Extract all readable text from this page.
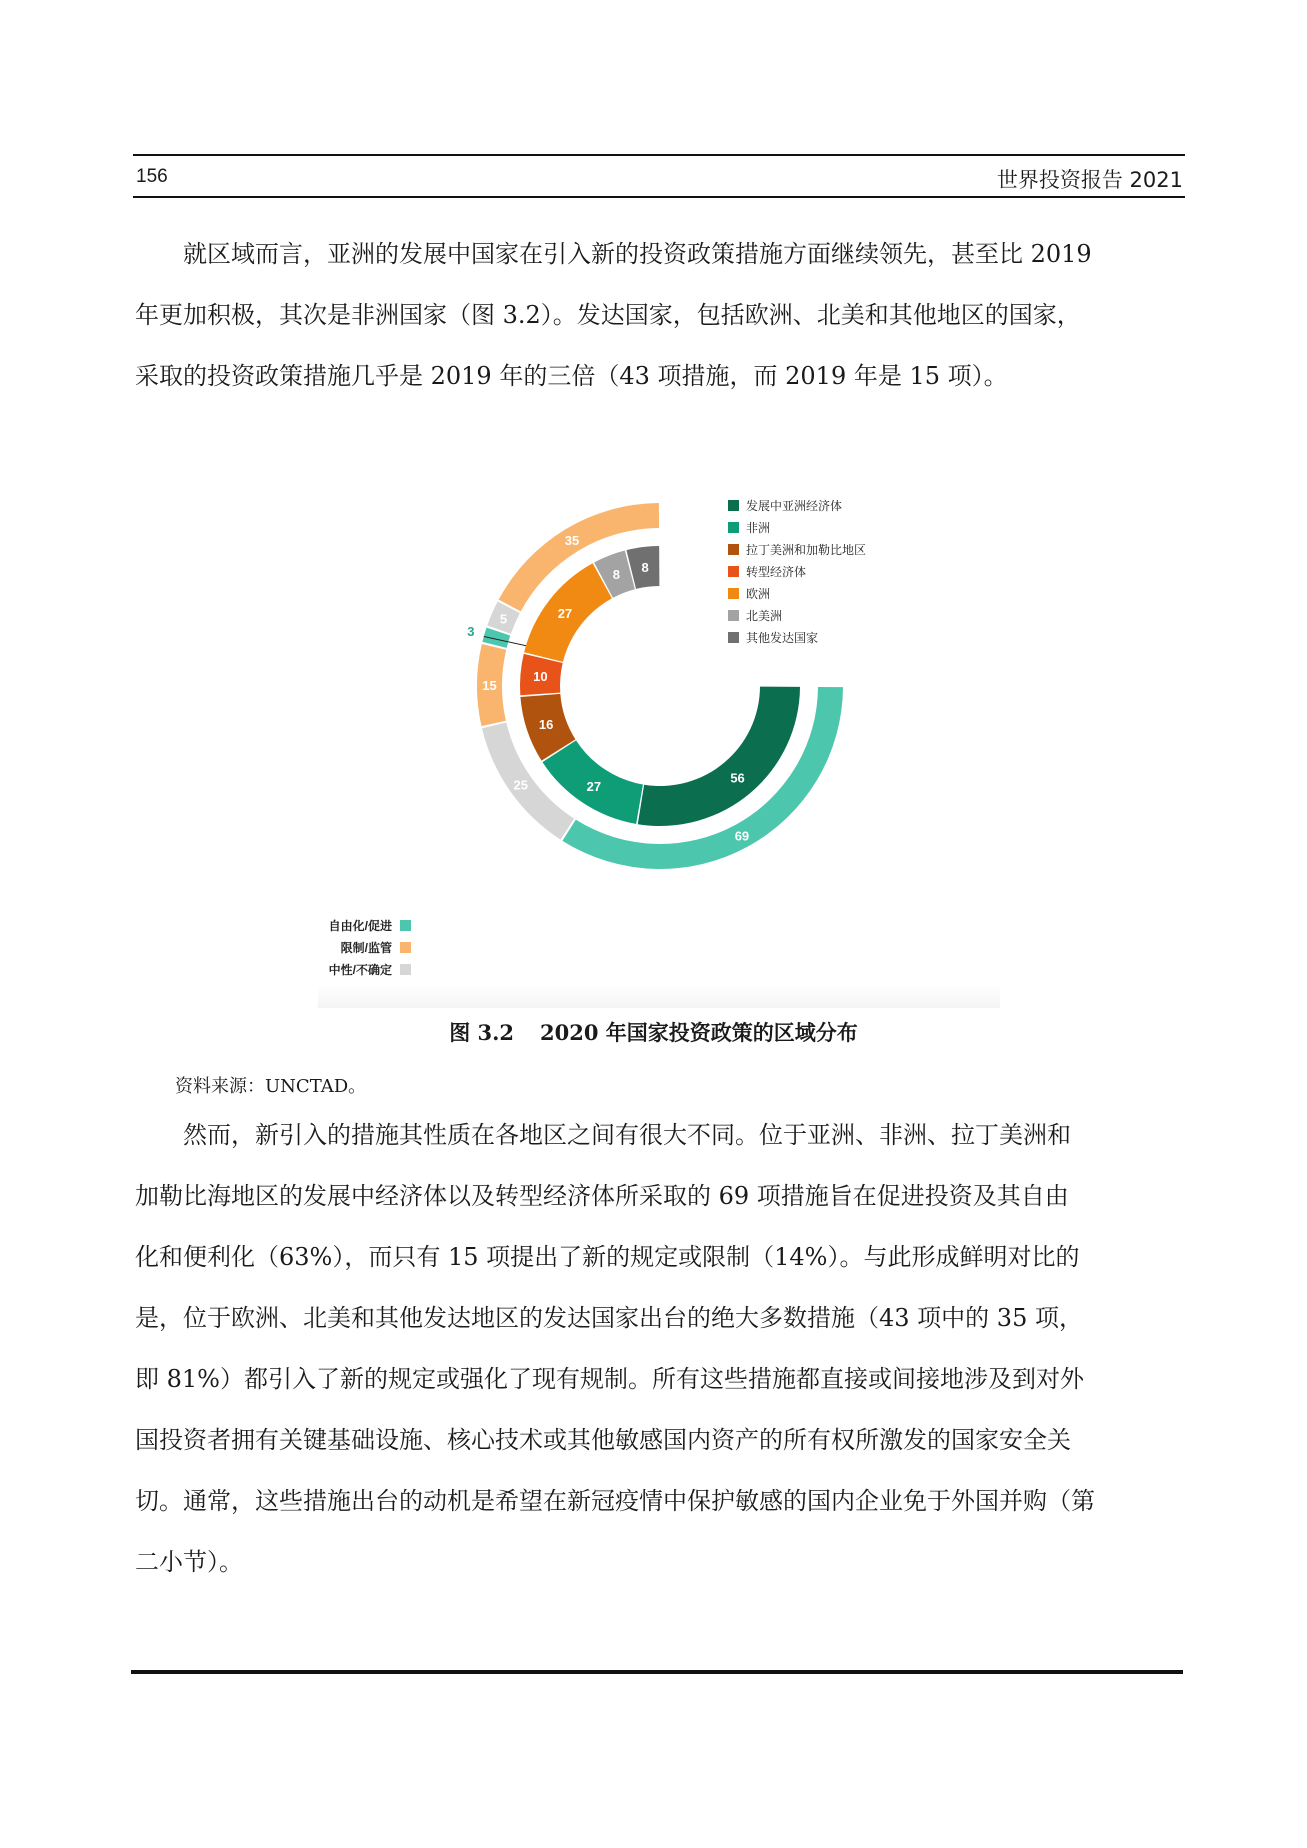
156	世界投资报告 2021

就区域而言，亚洲的发展中国家在引入新的投资政策措施方面继续领先，甚至比 2019
年更加积极，其次是非洲国家（图 3.2）。发达国家，包括欧洲、北美和其他地区的国家，
采取的投资政策措施几乎是 2019 年的三倍（43 项措施，而 2019 年是 15 项）。

69
25
15
3
5
35
56
27
16
10
27
8 8
发展中亚洲经济体
非洲
拉丁美洲和加勒比地区
转型经济体
欧洲
北美洲
其他发达国家
自由化/促进
限制/监管
中性/不确定
图 3.2 2020 年国家投资政策的区域分布
资料来源：UNCTAD。

然而，新引入的措施其性质在各地区之间有很大不同。位于亚洲、非洲、拉丁美洲和
加勒比海地区的发展中经济体以及转型经济体所采取的 69 项措施旨在促进投资及其自由
化和便利化（63%），而只有 15 项提出了新的规定或限制（14%）。与此形成鲜明对比的
是，位于欧洲、北美和其他发达地区的发达国家出台的绝大多数措施（43 项中的 35 项，
即 81%）都引入了新的规定或强化了现有规制。所有这些措施都直接或间接地涉及到对外
国投资者拥有关键基础设施、核心技术或其他敏感国内资产的所有权所激发的国家安全关
切。通常，这些措施出台的动机是希望在新冠疫情中保护敏感的国内企业免于外国并购（第
二小节）。
